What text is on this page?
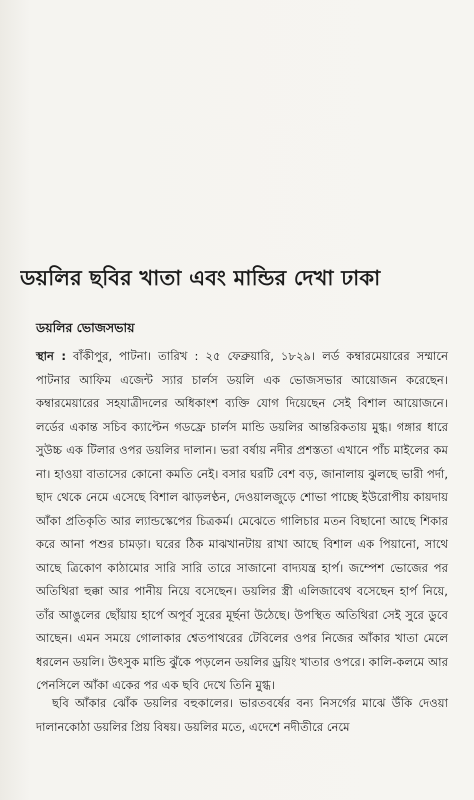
ডয়লির ছবির খাতা এবং মান্ডির দেখা ঢাকা
ডয়লির ভোজসভায়
স্থান : বাঁকীপুর, পাটনা। তারিখ : ২৫ ফেব্রুয়ারি, ১৮২৯। লর্ড কম্বারমেয়ারের সম্মানে পাটনার আফিম এজেন্ট স্যার চার্লস ডয়লি এক ভোজসভার আয়োজন করেছেন। কম্বারমেয়ারের সহযাত্রীদলের অধিকাংশ ব্যক্তি যোগ দিয়েছেন সেই বিশাল আয়োজনে। লর্ডের একান্ত সচিব ক্যাপ্টেন গডফ্রে চার্লস মান্ডি ডয়লির আন্তরিকতায় মুগ্ধ। গঙ্গার ধারে সুউচ্চ এক টিলার ওপর ডয়লির দালান। ভরা বর্ষায় নদীর প্রশস্ততা এখানে পাঁচ মাইলের কম না। হাওয়া বাতাসের কোনো কমতি নেই। বসার ঘরটি বেশ বড়, জানালায় ঝুলছে ভারী পর্দা, ছাদ থেকে নেমে এসেছে বিশাল ঝাড়লণ্ঠন, দেওয়ালজুড়ে শোভা পাচ্ছে ইউরোপীয় কায়দায় আঁকা প্রতিকৃতি আর ল্যান্ডস্কেপের চিত্রকর্ম। মেঝেতে গালিচার মতন বিছানো আছে শিকার করে আনা পশুর চামড়া। ঘরের ঠিক মাঝখানটায় রাখা আছে বিশাল এক পিয়ানো, সাথে আছে ত্রিকোণ কাঠামোর সারি সারি তারে সাজানো বাদ্যযন্ত্র হার্প। জম্পেশ ভোজের পর অতিথিরা হুক্কা আর পানীয় নিয়ে বসেছেন। ডয়লির স্ত্রী এলিজাবেথ বসেছেন হার্প নিয়ে, তাঁর আঙুলের ছোঁয়ায় হার্পে অপূর্ব সুরের মূর্ছনা উঠেছে। উপস্থিত অতিথিরা সেই সুরে ডুবে আছেন। এমন সময়ে গোলাকার শ্বেতপাথরের টেবিলের ওপর নিজের আঁকার খাতা মেলে ধরলেন ডয়লি। উৎসুক মান্ডি ঝুঁকে পড়লেন ডয়লির ড্রয়িং খাতার ওপরে। কালি-কলমে আর পেনসিলে আঁকা একের পর এক ছবি দেখে তিনি মুগ্ধ।
ছবি আঁকার ঝোঁক ডয়লির বহুকালের। ভারতবর্ষের বন্য নিসর্গের মাঝে উঁকি দেওয়া দালানকোঠা ডয়লির প্রিয় বিষয়। ডয়লির মতে, এদেশে নদীতীরে নেমে
